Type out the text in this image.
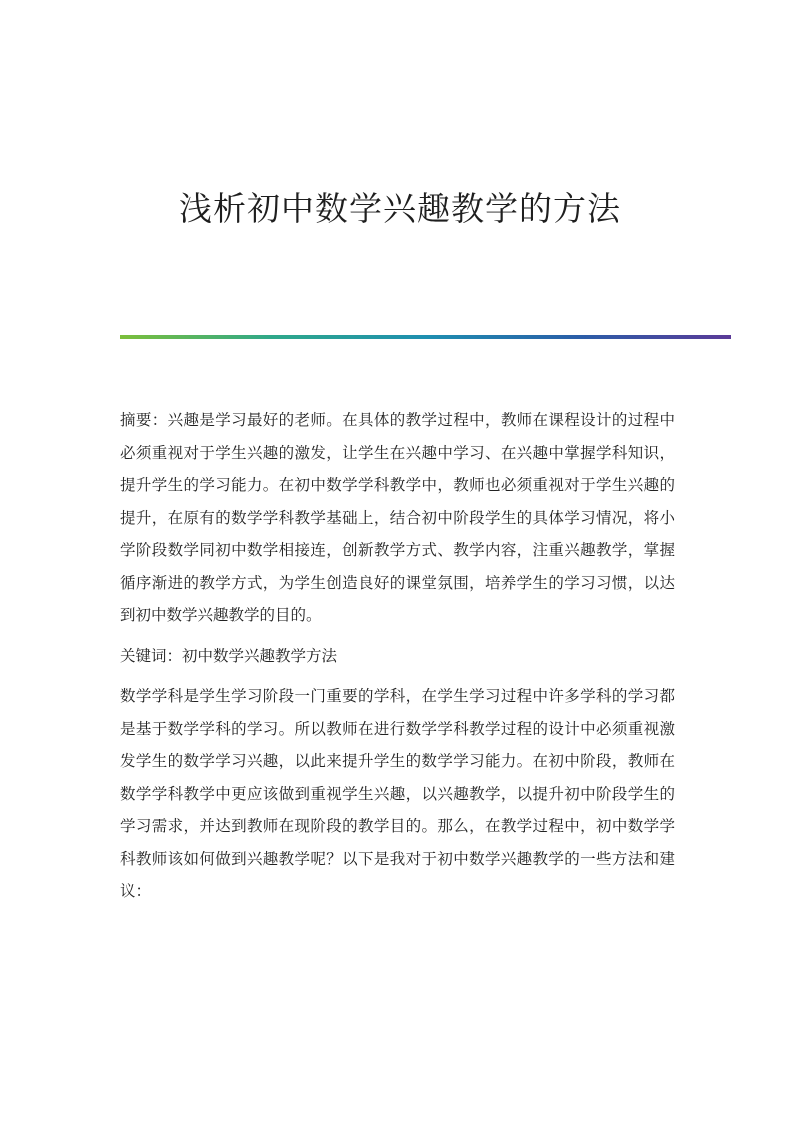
浅析初中数学兴趣教学的方法

摘要：兴趣是学习最好的老师。在具体的教学过程中，教师在课程设计的过程中必须重视对于学生兴趣的激发，让学生在兴趣中学习、在兴趣中掌握学科知识，提升学生的学习能力。在初中数学学科教学中，教师也必须重视对于学生兴趣的提升，在原有的数学学科教学基础上，结合初中阶段学生的具体学习情况，将小学阶段数学同初中数学相接连，创新教学方式、教学内容，注重兴趣教学，掌握循序渐进的教学方式，为学生创造良好的课堂氛围，培养学生的学习习惯，以达到初中数学兴趣教学的目的。

关键词：初中数学兴趣教学方法

数学学科是学生学习阶段一门重要的学科，在学生学习过程中许多学科的学习都是基于数学学科的学习。所以教师在进行数学学科教学过程的设计中必须重视激发学生的数学学习兴趣，以此来提升学生的数学学习能力。在初中阶段，教师在数学学科教学中更应该做到重视学生兴趣，以兴趣教学，以提升初中阶段学生的学习需求，并达到教师在现阶段的教学目的。那么，在教学过程中，初中数学学科教师该如何做到兴趣教学呢？以下是我对于初中数学兴趣教学的一些方法和建议：
